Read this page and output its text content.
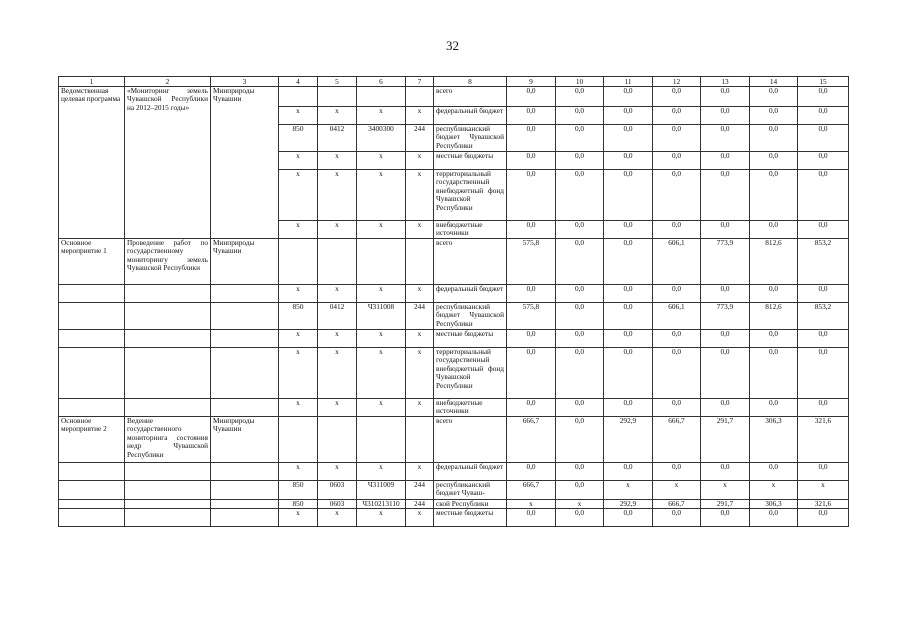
32
1	2	3	4	5	6	7	8	9	10	11	12	13	14	15
Ведомственная целевая программа	«Мониторинг земель Чувашской Республики на 2012–2015 годы»	Минприроды Чувашии					всего	0,0	0,0	0,0	0,0	0,0	0,0	0,0
			х	х	х	х	федеральный бюджет	0,0	0,0	0,0	0,0	0,0	0,0	0,0
			850	0412	3400300	244	республиканский бюджет Чувашской Республики	0,0	0,0	0,0	0,0	0,0	0,0	0,0
			х	х	х	х	местные бюджеты	0,0	0,0	0,0	0,0	0,0	0,0	0,0
			х	х	х	х	территориальный государственный внебюджетный фонд Чувашской Республики	0,0	0,0	0,0	0,0	0,0	0,0	0,0
			х	х	х	х	внебюджетные источники	0,0	0,0	0,0	0,0	0,0	0,0	0,0
Основное мероприятие 1	Проведение работ по государственному мониторингу земель Чувашской Республики	Минприроды Чувашии					всего	575,8	0,0	0,0	606,1	773,9	812,6	853,2
			х	х	х	х	федеральный бюджет	0,0	0,0	0,0	0,0	0,0	0,0	0,0
			850	0412	Ч311008	244	республиканский бюджет Чувашской Республики	575,8	0,0	0,0	606,1	773,9	812,6	853,2
			х	х	х	х	местные бюджеты	0,0	0,0	0,0	0,0	0,0	0,0	0,0
			х	х	х	х	территориальный государственный внебюджетный фонд Чувашской Республики	0,0	0,0	0,0	0,0	0,0	0,0	0,0
			х	х	х	х	внебюджетные источники	0,0	0,0	0,0	0,0	0,0	0,0	0,0
Основное мероприятие 2	Ведение государственного мониторинга состояния недр Чувашской Республики	Минприроды Чувашии					всего	666,7	0,0	292,9	666,7	291,7	306,3	321,6
			х	х	х	х	федеральный бюджет	0,0	0,0	0,0	0,0	0,0	0,0	0,0
			850	0603	Ч311009	244	республиканский бюджет Чуваш-	666,7	0,0	х	х	х	х	х
			850	0603	Ч310213110	244	ской Республики	х	х	292,9	666,7	291,7	306,3	321,6
			х	х	х	х	местные бюджеты	0,0	0,0	0,0	0,0	0,0	0,0	0,0
